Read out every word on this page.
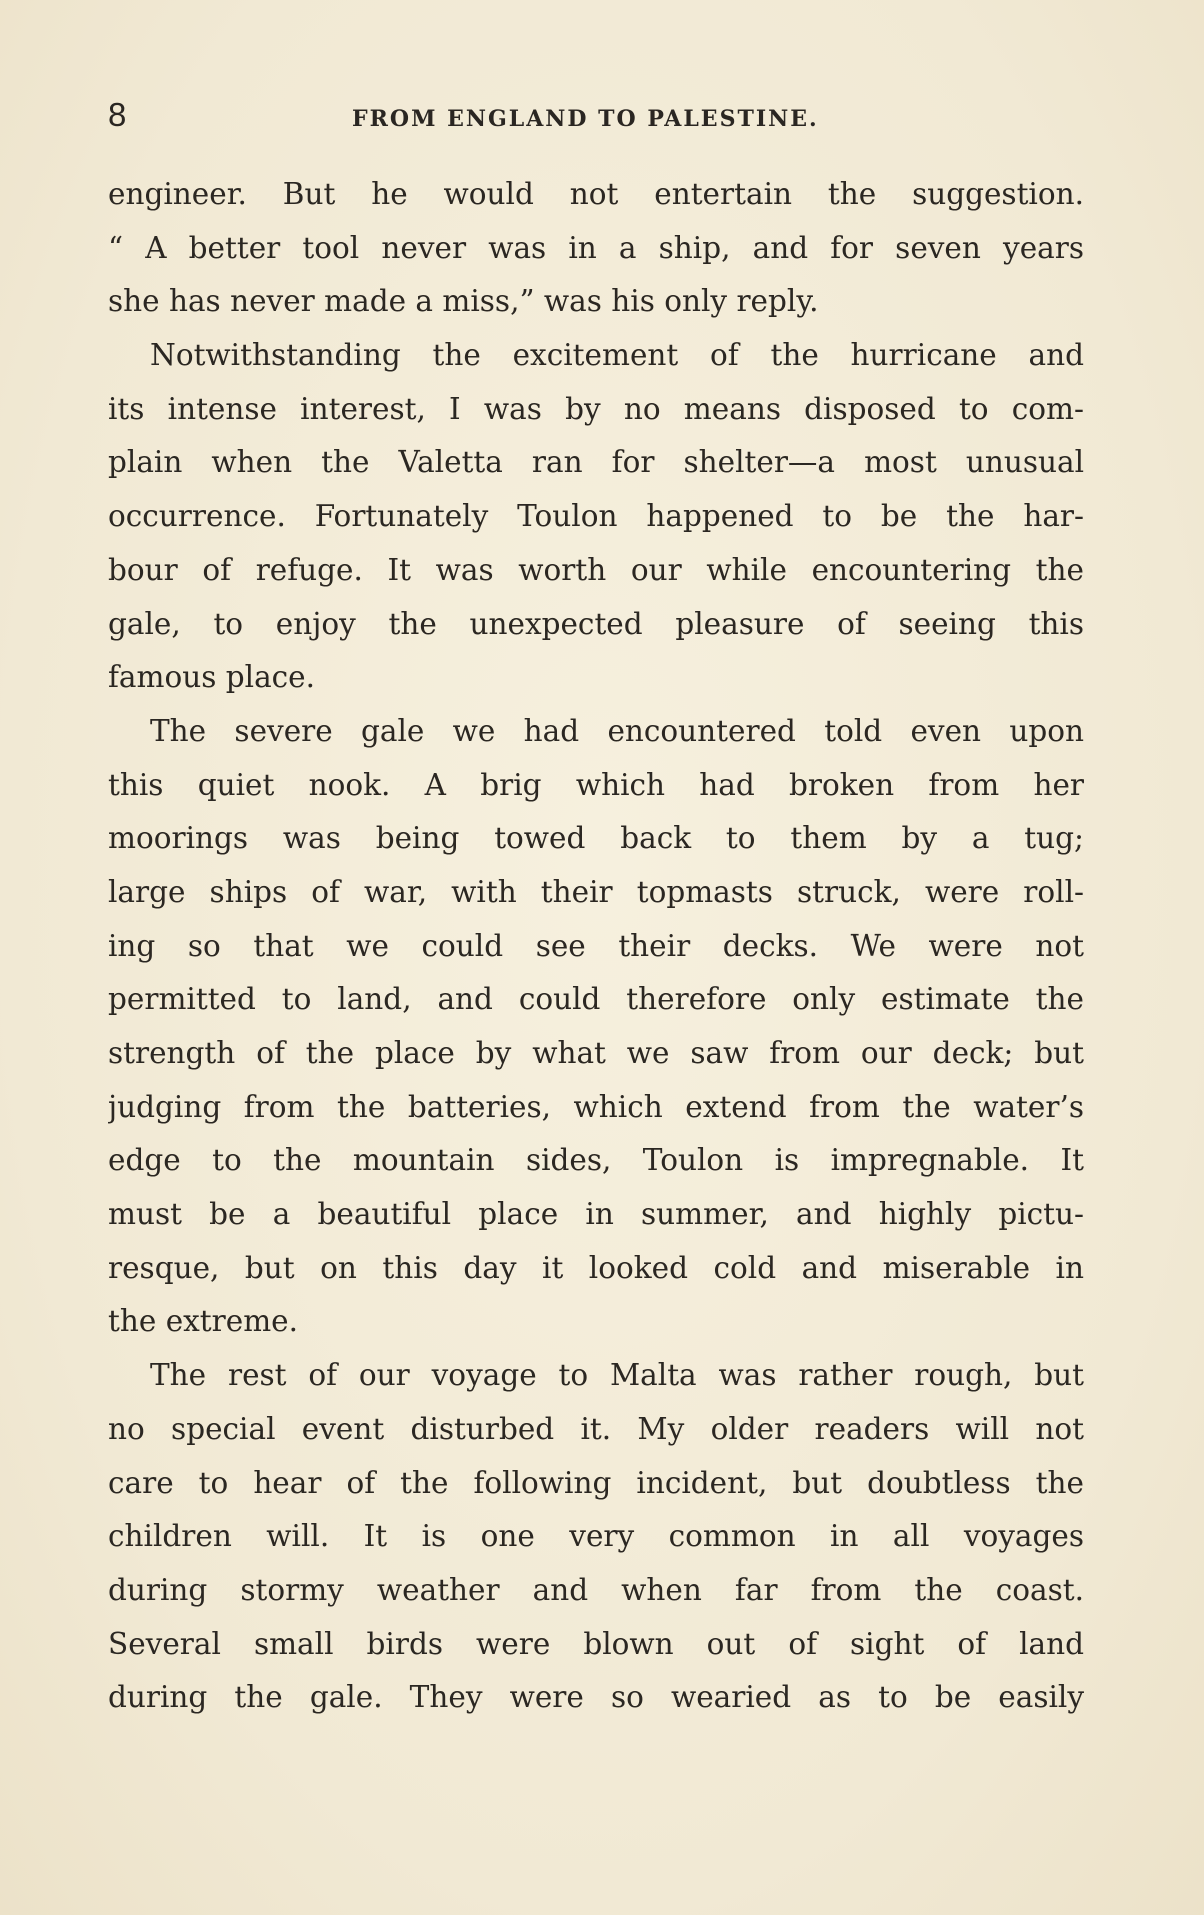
8	FROM ENGLAND TO PALESTINE.
engineer. But he would not entertain the suggestion.
“ A better tool never was in a ship, and for seven years
she has never made a miss,” was his only reply.
Notwithstanding the excitement of the hurricane and
its intense interest, I was by no means disposed to com-
plain when the Valetta ran for shelter—a most unusual
occurrence. Fortunately Toulon happened to be the har-
bour of refuge. It was worth our while encountering the
gale, to enjoy the unexpected pleasure of seeing this
famous place.
The severe gale we had encountered told even upon
this quiet nook. A brig which had broken from her
moorings was being towed back to them by a tug;
large ships of war, with their topmasts struck, were roll-
ing so that we could see their decks. We were not
permitted to land, and could therefore only estimate the
strength of the place by what we saw from our deck; but
judging from the batteries, which extend from the water’s
edge to the mountain sides, Toulon is impregnable. It
must be a beautiful place in summer, and highly pictu-
resque, but on this day it looked cold and miserable in
the extreme.
The rest of our voyage to Malta was rather rough, but
no special event disturbed it. My older readers will not
care to hear of the following incident, but doubtless the
children will. It is one very common in all voyages
during stormy weather and when far from the coast.
Several small birds were blown out of sight of land
during the gale. They were so wearied as to be easily
